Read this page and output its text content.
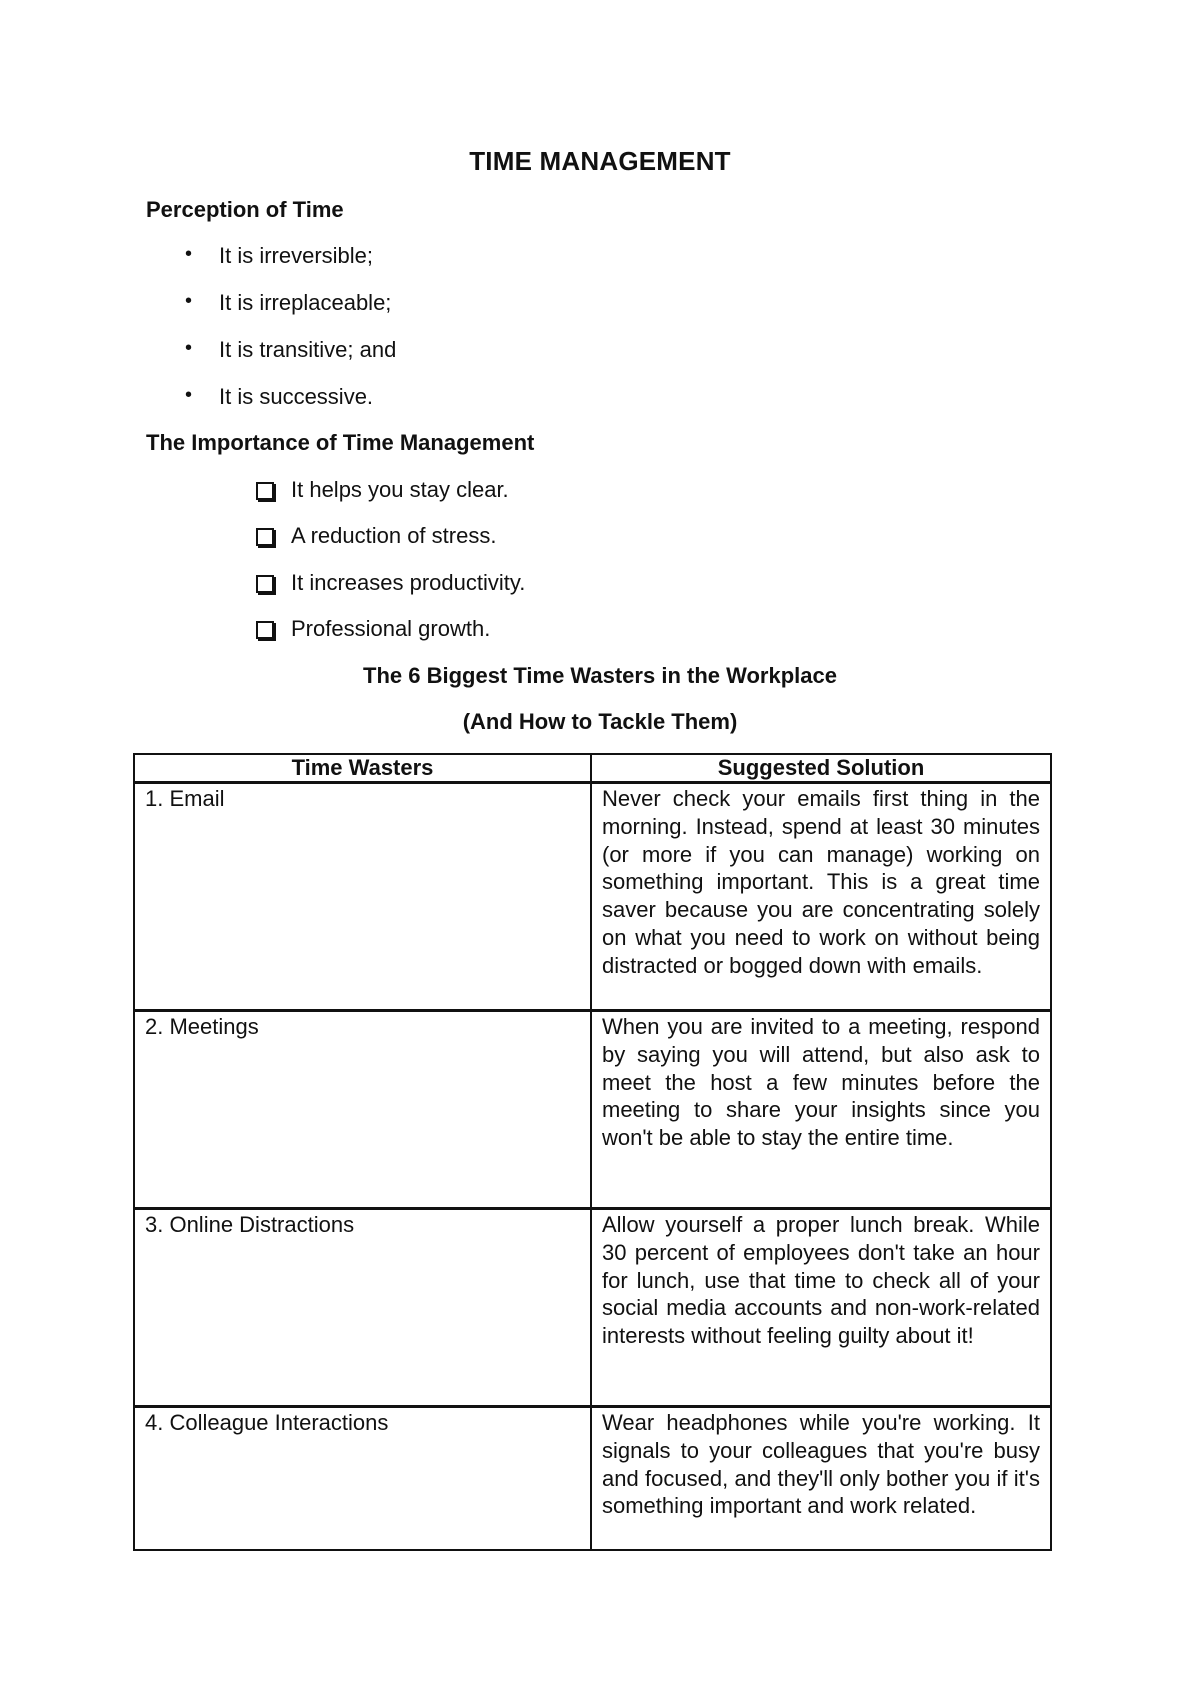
TIME MANAGEMENT
Perception of Time
• It is irreversible;
• It is irreplaceable;
• It is transitive; and
• It is successive.
The Importance of Time Management
It helps you stay clear.
A reduction of stress.
It increases productivity.
Professional growth.
The 6 Biggest Time Wasters in the Workplace
(And How to Tackle Them)
Time Wasters	Suggested Solution
1. Email	Never check your emails first thing in the morning. Instead, spend at least 30 minutes (or more if you can manage) working on something important. This is a great time saver because you are concentrating solely on what you need to work on without being distracted or bogged down with emails.
2. Meetings	When you are invited to a meeting, respond by saying you will attend, but also ask to meet the host a few minutes before the meeting to share your insights since you won't be able to stay the entire time.
3. Online Distractions	Allow yourself a proper lunch break. While 30 percent of employees don't take an hour for lunch, use that time to check all of your social media accounts and non-work-related interests without feeling guilty about it!
4. Colleague Interactions	Wear headphones while you're working. It signals to your colleagues that you're busy and focused, and they'll only bother you if it's something important and work related.
